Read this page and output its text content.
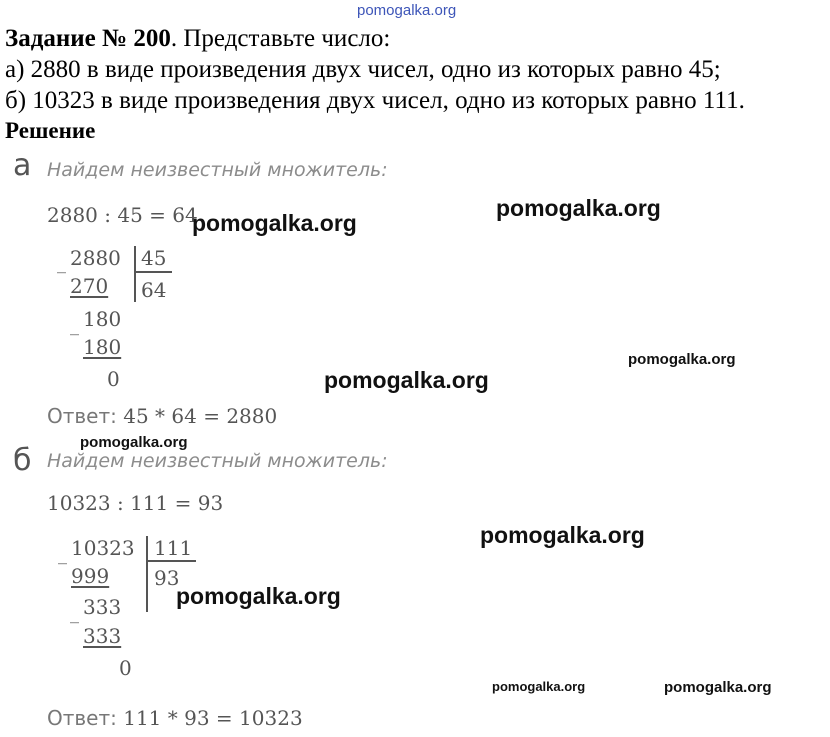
pomogalka.org
Задание № 200. Представьте число:
а) 2880 в виде произведения двух чисел, одно из которых равно 45;
б) 10323 в виде произведения двух чисел, одно из которых равно 111.
Решение
а Найдем неизвестный множитель:
2880 : 45 = 64
_ 2880 45
64
270
_ 180
180
0
Ответ: 45 * 64 = 2880
б Найдем неизвестный множитель:
10323 : 111 = 93
_ 10323 111
93
999
_ 333
333
0
Ответ: 111 * 93 = 10323
pomogalka.org
pomogalka.org
pomogalka.org
pomogalka.org
pomogalka.org
pomogalka.org
pomogalka.org
pomogalka.org	pomogalka.org
